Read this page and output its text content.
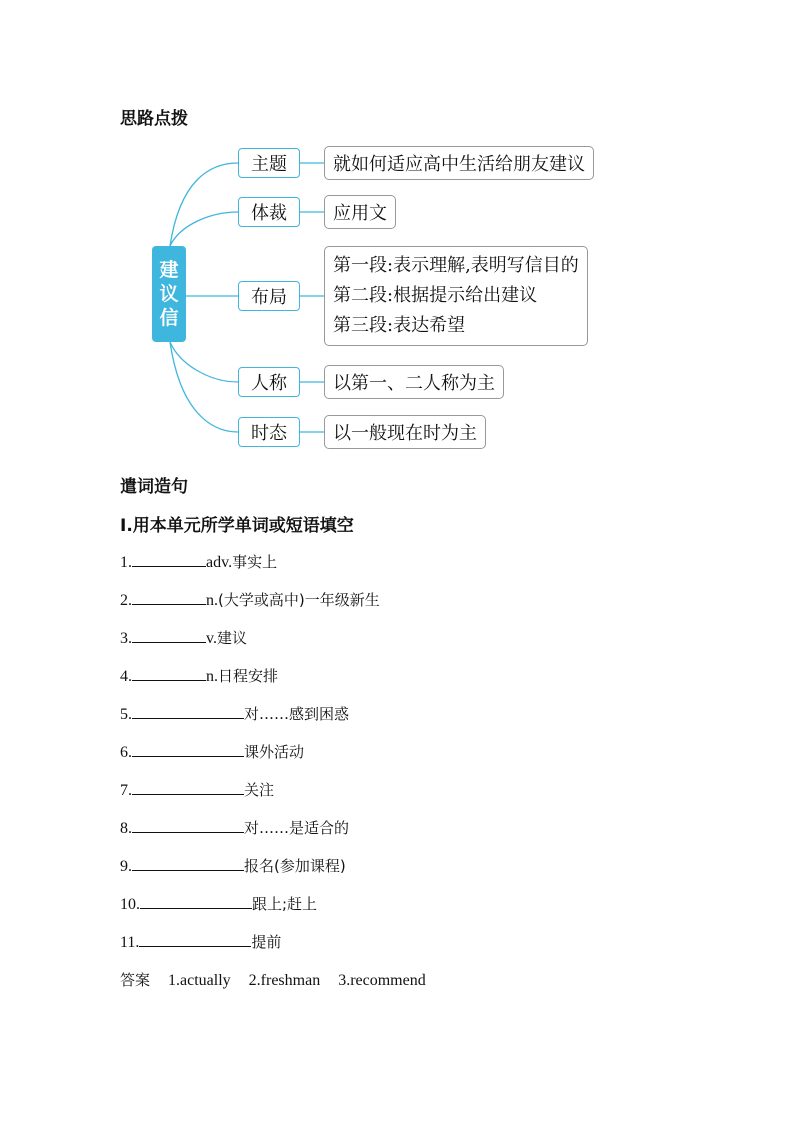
思路点拨
建
议
信
主题	就如何适应高中生活给朋友建议
体裁	应用文
布局
第一段:表示理解,表明写信目的
第二段:根据提示给出建议
第三段:表达希望
人称	以第一、二人称为主
时态	以一般现在时为主
遣词造句
Ⅰ.用本单元所学单词或短语填空
1.	adv.事实上
2.	n.(大学或高中)一年级新生
3.	v.建议
4.	n.日程安排
5.	对……感到困惑
6.	课外活动
7.	关注
8.	对……是适合的
9.	报名(参加课程)
10.	跟上;赶上
11.	提前
答案 1.actually 2.freshman 3.recommend
